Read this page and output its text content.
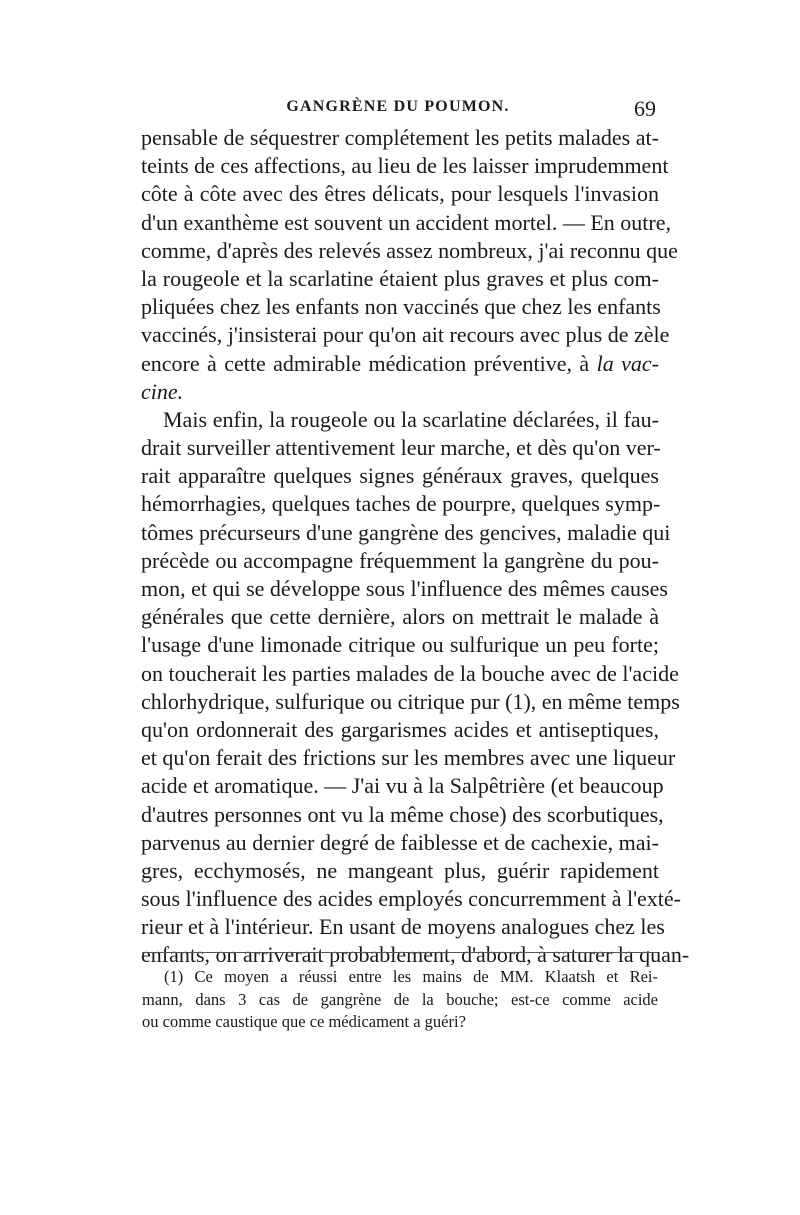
GANGRÈNE DU POUMON.	69
pensable de séquestrer complétement les petits malades at-
teints de ces affections, au lieu de les laisser imprudemment
côte à côte avec des êtres délicats, pour lesquels l'invasion
d'un exanthème est souvent un accident mortel. — En outre,
comme, d'après des relevés assez nombreux, j'ai reconnu que
la rougeole et la scarlatine étaient plus graves et plus com-
pliquées chez les enfants non vaccinés que chez les enfants
vaccinés, j'insisterai pour qu'on ait recours avec plus de zèle
encore à cette admirable médication préventive, à la vac-
cine.
Mais enfin, la rougeole ou la scarlatine déclarées, il fau-
drait surveiller attentivement leur marche, et dès qu'on ver-
rait apparaître quelques signes généraux graves, quelques
hémorrhagies, quelques taches de pourpre, quelques symp-
tômes précurseurs d'une gangrène des gencives, maladie qui
précède ou accompagne fréquemment la gangrène du pou-
mon, et qui se développe sous l'influence des mêmes causes
générales que cette dernière, alors on mettrait le malade à
l'usage d'une limonade citrique ou sulfurique un peu forte;
on toucherait les parties malades de la bouche avec de l'acide
chlorhydrique, sulfurique ou citrique pur (1), en même temps
qu'on ordonnerait des gargarismes acides et antiseptiques,
et qu'on ferait des frictions sur les membres avec une liqueur
acide et aromatique. — J'ai vu à la Salpêtrière (et beaucoup
d'autres personnes ont vu la même chose) des scorbutiques,
parvenus au dernier degré de faiblesse et de cachexie, mai-
gres, ecchymosés, ne mangeant plus, guérir rapidement
sous l'influence des acides employés concurremment à l'exté-
rieur et à l'intérieur. En usant de moyens analogues chez les
enfants, on arriverait probablement, d'abord, à saturer la quan-
(1) Ce moyen a réussi entre les mains de MM. Klaatsh et Rei-
mann, dans 3 cas de gangrène de la bouche; est-ce comme acide
ou comme caustique que ce médicament a guéri?
